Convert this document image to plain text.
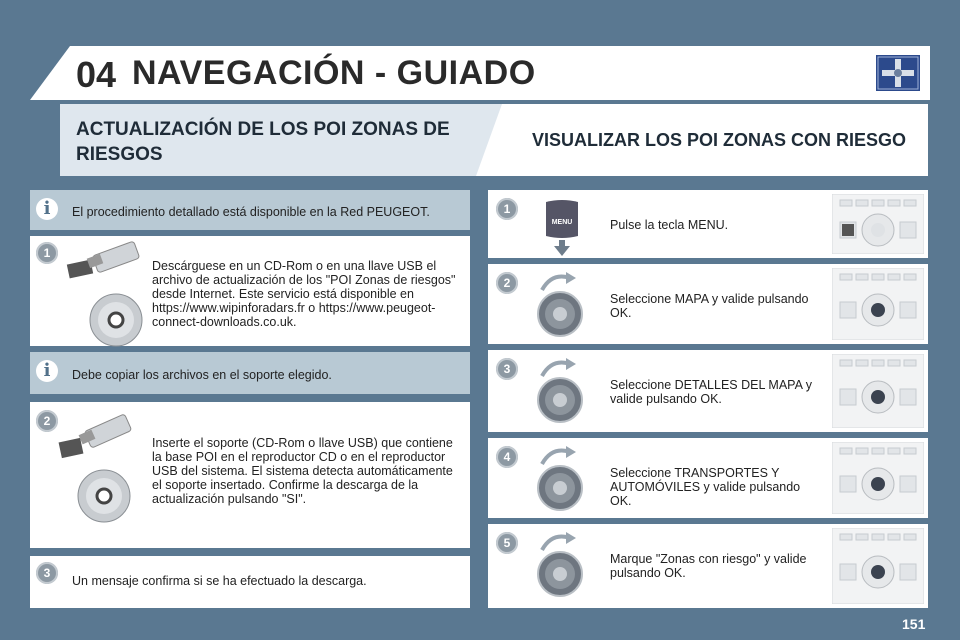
04 NAVEGACIÓN - GUIADO
ACTUALIZACIÓN DE LOS POI ZONAS DE RIESGOS
VISUALIZAR LOS POI ZONAS CON RIESGO
i	El procedimiento detallado está disponible en la Red PEUGEOT.
1
Descárguese en un CD-Rom o en una llave USB el archivo de actualización de los "POI Zonas de riesgos" desde Internet. Este servicio está disponible en https://www.wipinforadars.fr o https://www.peugeot-connect-downloads.co.uk.
i	Debe copiar los archivos en el soporte elegido.
2
Inserte el soporte (CD-Rom o llave USB) que contiene la base POI en el reproductor CD o en el reproductor USB del sistema. El sistema detecta automáticamente el soporte insertado. Confirme la descarga de la actualización pulsando "SI".
3
Un mensaje confirma si se ha efectuado la descarga.
1
MENU	Pulse la tecla MENU.
2
Seleccione MAPA y valide pulsando OK.
3
Seleccione DETALLES DEL MAPA y valide pulsando OK.
4
Seleccione TRANSPORTES Y AUTOMÓVILES y valide pulsando OK.
5
Marque "Zonas con riesgo" y valide pulsando OK.
151
